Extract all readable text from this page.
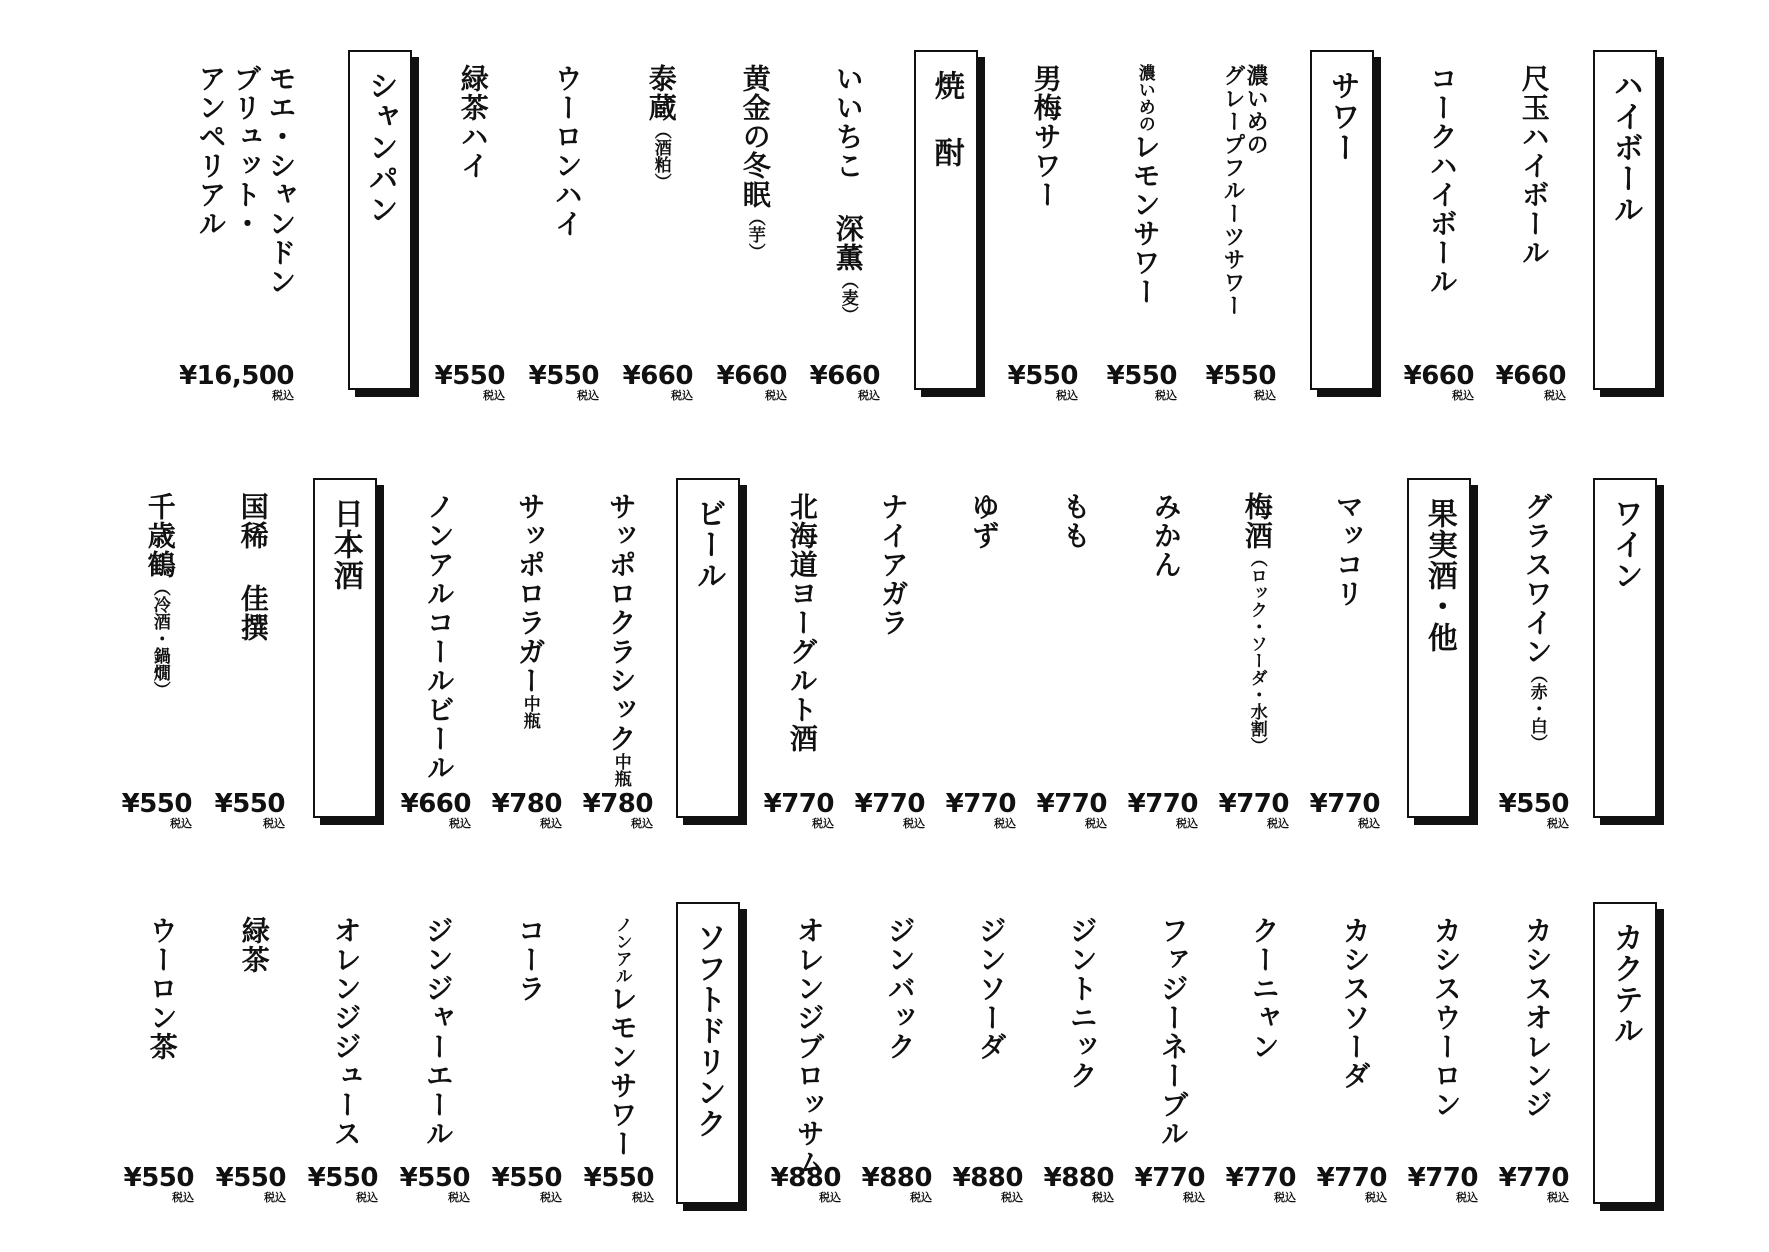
ハイボール
尺玉ハイボール
¥660
税込
コークハイボール
¥660
税込
サワー
濃いめの
グレープフルーツサワー
¥550
税込
濃いめのレモンサワー
¥550
税込
男梅サワー
¥550
税込
焼 酎
いいちこ 深薫（麦）
¥660
税込
黄金の冬眠（芋）
¥660
税込
泰蔵（酒粕）
¥660
税込
ウーロンハイ
¥550
税込
緑茶ハイ
¥550
税込
シャンパン
モエ・シャンドン
ブリュット・
アンペリアル
¥16,500
税込
ワイン
グラスワイン（赤・白）
¥550
税込
果実酒・他
マッコリ
¥770
税込
梅酒（ロック・ソーダ・水割）
¥770
税込
みかん
¥770
税込
もも
¥770
税込
ゆず
¥770
税込
ナイアガラ
¥770
税込
北海道ヨーグルト酒
¥770
税込
ビール
サッポロクラシック中瓶
¥780
税込
サッポロラガー中瓶
¥780
税込
ノンアルコールビール
¥660
税込
日本酒
国稀 佳撰
¥550
税込
千歳鶴（冷酒・鍋燗）
¥550
税込
カクテル
カシスオレンジ
¥770
税込
カシスウーロン
¥770
税込
カシスソーダ
¥770
税込
クーニャン
¥770
税込
ファジーネーブル
¥770
税込
ジントニック
¥880
税込
ジンソーダ
¥880
税込
ジンバック
¥880
税込
オレンジブロッサム
¥880
税込
ソフトドリンク
ノンアルレモンサワー
¥550
税込
コーラ
¥550
税込
ジンジャーエール
¥550
税込
オレンジジュース
¥550
税込
緑茶
¥550
税込
ウーロン茶
¥550
税込
